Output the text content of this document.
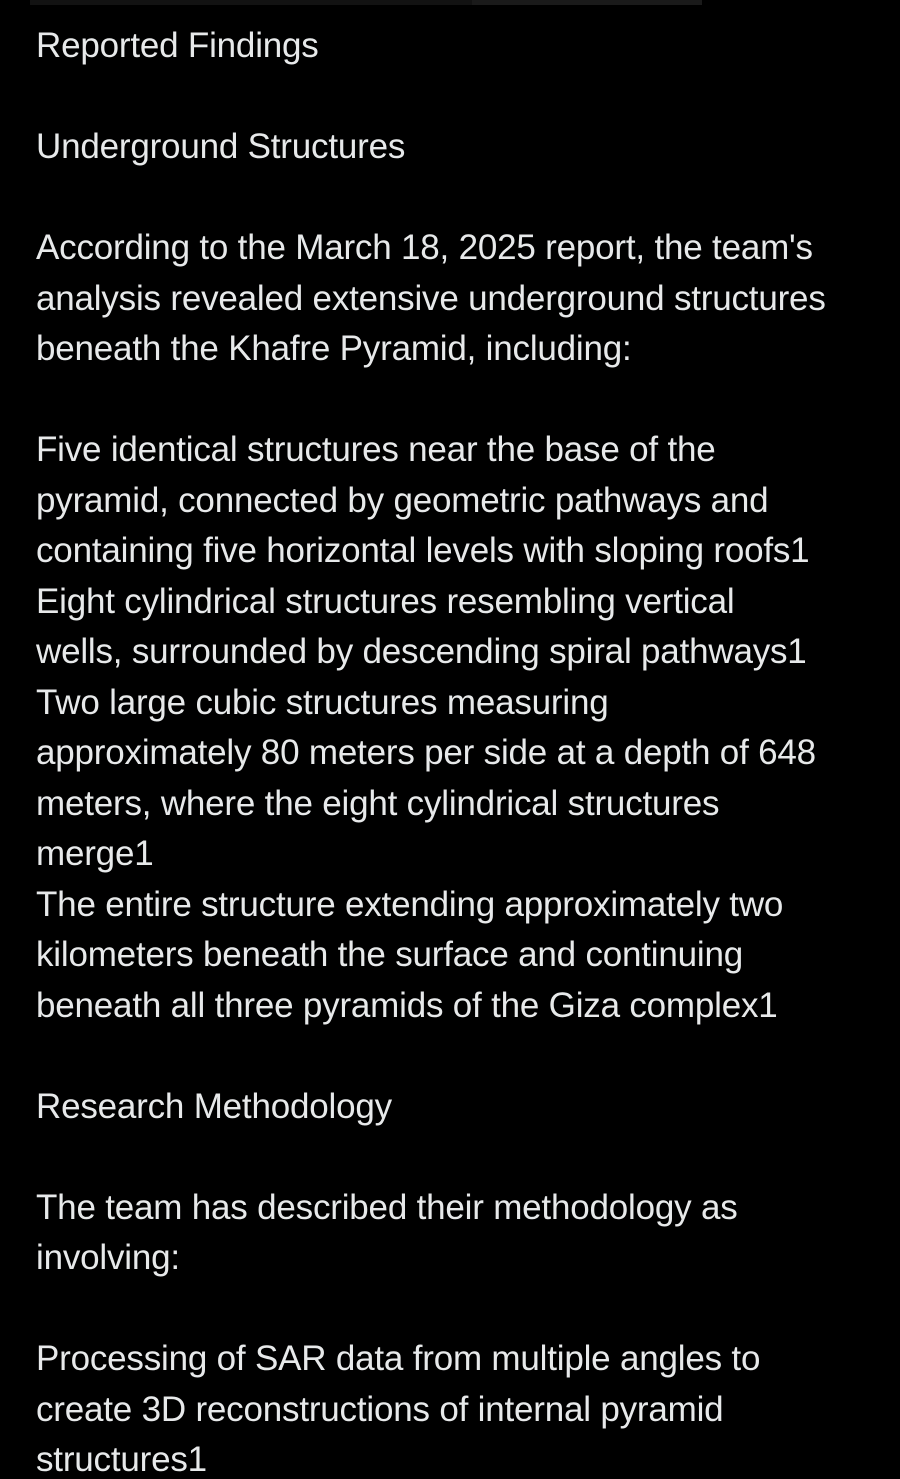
Reported Findings
Underground Structures
According to the March 18, 2025 report, the team's
analysis revealed extensive underground structures
beneath the Khafre Pyramid, including:
Five identical structures near the base of the
pyramid, connected by geometric pathways and
containing five horizontal levels with sloping roofs1
Eight cylindrical structures resembling vertical
wells, surrounded by descending spiral pathways1
Two large cubic structures measuring
approximately 80 meters per side at a depth of 648
meters, where the eight cylindrical structures
merge1
The entire structure extending approximately two
kilometers beneath the surface and continuing
beneath all three pyramids of the Giza complex1
Research Methodology
The team has described their methodology as
involving:
Processing of SAR data from multiple angles to
create 3D reconstructions of internal pyramid
structures1
